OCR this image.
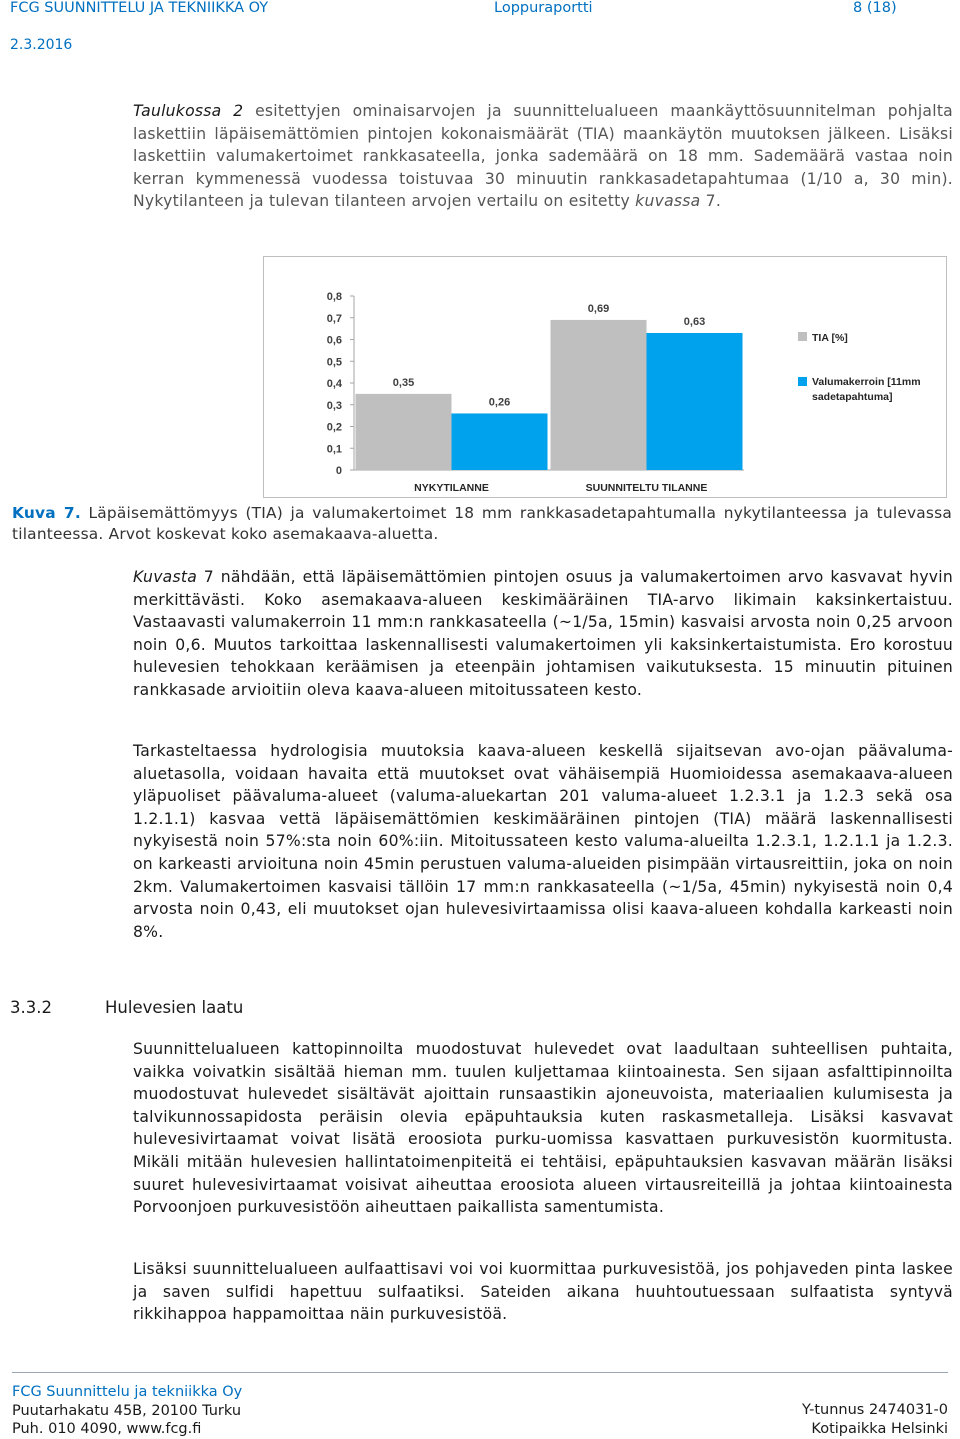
FCG SUUNNITTELU JA TEKNIIKKA OY	Loppuraportti	8 (18)
2.3.2016
Taulukossa 2 esitettyjen ominaisarvojen ja suunnittelualueen maankäyttösuunnitelman pohjalta laskettiin läpäisemättömien pintojen kokonaismäärät (TIA) maankäytön muutoksen jälkeen. Lisäksi laskettiin valumakertoimet rankkasateella, jonka sademäärä on 18 mm. Sademäärä vastaa noin kerran kymmenessä vuodessa toistuvaa 30 minuutin rankkasadetapahtumaa (1/10 a, 30 min). Nykytilanteen ja tulevan tilanteen arvojen vertailu on esitetty kuvassa 7.
0
0,1
0,2
0,3
0,4
0,5
0,6
0,7
0,8
0,35
0,26
NYKYTILANNE
0,69
0,63
SUUNNITELTU TILANNE
TIA [%]
Valumakerroin [11mm
sadetapahtuma]
Kuva 7. Läpäisemättömyys (TIA) ja valumakertoimet 18 mm rankkasadetapahtumalla nykytilanteessa ja tulevassa tilanteessa. Arvot koskevat koko asemakaava-aluetta.
Kuvasta 7 nähdään, että läpäisemättömien pintojen osuus ja valumakertoimen arvo kasvavat hyvin merkittävästi. Koko asemakaava-alueen keskimääräinen TIA-arvo likimain kaksinkertaistuu. Vastaavasti valumakerroin 11 mm:n rankkasateella (~1/5a, 15min) kasvaisi arvosta noin 0,25 arvoon noin 0,6. Muutos tarkoittaa laskennallisesti valumakertoimen yli kaksinkertaistumista. Ero korostuu hulevesien tehokkaan keräämisen ja eteenpäin johtamisen vaikutuksesta. 15 minuutin pituinen rankkasade arvioitiin oleva kaava-alueen mitoitussateen kesto.
Tarkasteltaessa hydrologisia muutoksia kaava-alueen keskellä sijaitsevan avo-ojan päävaluma-aluetasolla, voidaan havaita että muutokset ovat vähäisempiä Huomioidessa asemakaava-alueen yläpuoliset päävaluma-alueet (valuma-aluekartan 201 valuma-alueet 1.2.3.1 ja 1.2.3 sekä osa 1.2.1.1) kasvaa vettä läpäisemättömien keskimääräinen pintojen (TIA) määrä laskennallisesti nykyisestä noin 57%:sta noin 60%:iin. Mitoitussateen kesto valuma-alueilta 1.2.3.1, 1.2.1.1 ja 1.2.3. on karkeasti arvioituna noin 45min perustuen valuma-alueiden pisimpään virtausreittiin, joka on noin 2km. Valumakertoimen kasvaisi tällöin 17 mm:n rankkasateella (~1/5a, 45min) nykyisestä noin 0,4 arvosta noin 0,43, eli muutokset ojan hulevesivirtaamissa olisi kaava-alueen kohdalla karkeasti noin 8%.
3.3.2	Hulevesien laatu
Suunnittelualueen kattopinnoilta muodostuvat hulevedet ovat laadultaan suhteellisen puhtaita, vaikka voivatkin sisältää hieman mm. tuulen kuljettamaa kiintoainesta. Sen sijaan asfalttipinnoilta muodostuvat hulevedet sisältävät ajoittain runsaastikin ajoneuvoista, materiaalien kulumisesta ja talvikunnossapidosta peräisin olevia epäpuhtauksia kuten raskasmetalleja. Lisäksi kasvavat hulevesivirtaamat voivat lisätä eroosiota purku-uomissa kasvattaen purkuvesistön kuormitusta. Mikäli mitään hulevesien hallintatoimenpiteitä ei tehtäisi, epäpuhtauksien kasvavan määrän lisäksi suuret hulevesivirtaamat voisivat aiheuttaa eroosiota alueen virtausreiteillä ja johtaa kiintoainesta Porvoonjoen purkuvesistöön aiheuttaen paikallista samentumista.
Lisäksi suunnittelualueen aulfaattisavi voi voi kuormittaa purkuvesistöä, jos pohjaveden pinta laskee ja saven sulfidi hapettuu sulfaatiksi. Sateiden aikana huuhtoutuessaan sulfaatista syntyvä rikkihappoa happamoittaa näin purkuvesistöä.
FCG Suunnittelu ja tekniikka Oy
Puutarhakatu 45B, 20100 Turku
Puh. 010 4090, www.fcg.fi
Y-tunnus 2474031-0
Kotipaikka Helsinki
